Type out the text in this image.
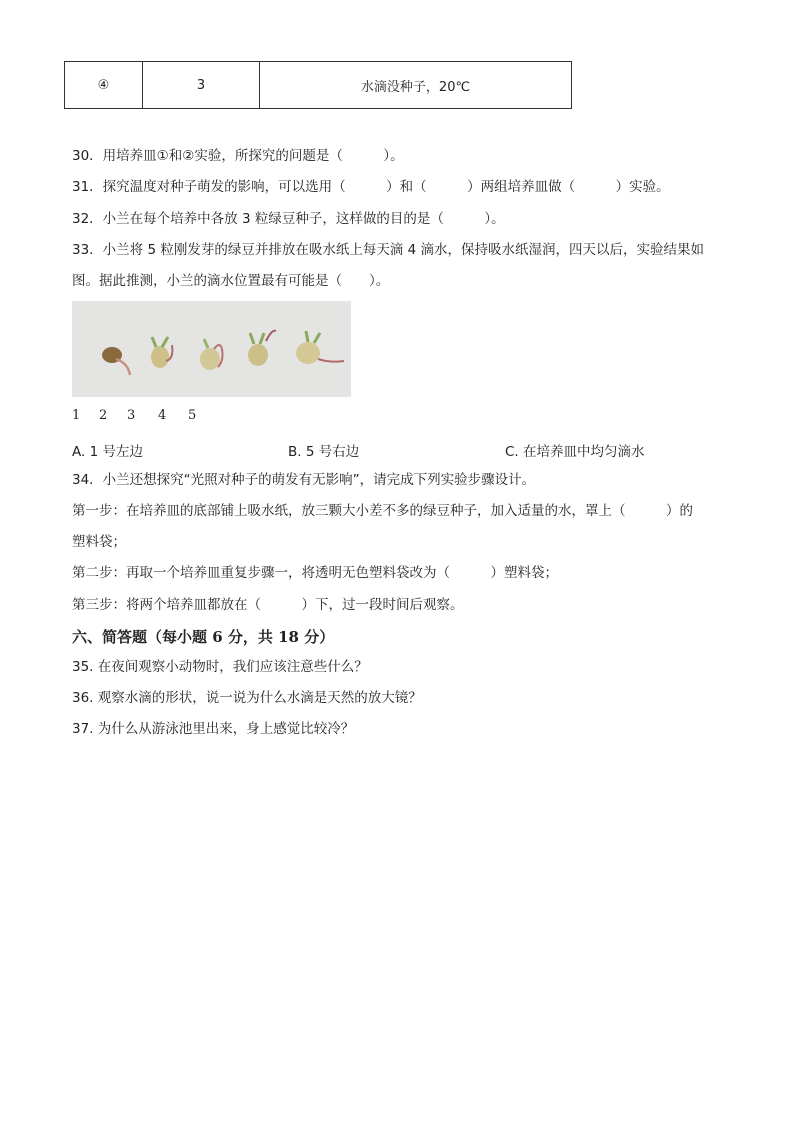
④	3	水滴没种子，20℃
30．用培养皿①和②实验，所探究的问题是（　　　）。
31．探究温度对种子萌发的影响，可以选用（　　　）和（　　　）两组培养皿做（　　　）实验。
32．小兰在每个培养中各放 3 粒绿豆种子，这样做的目的是（　　　）。
33．小兰将 5 粒刚发芽的绿豆并排放在吸水纸上每天滴 4 滴水，保持吸水纸湿润，四天以后，实验结果如
图。据此推测，小兰的滴水位置最有可能是（　　）。
1 2 3 4 5
A. 1 号左边	B. 5 号右边	C. 在培养皿中均匀滴水
34．小兰还想探究“光照对种子的萌发有无影响”，请完成下列实验步骤设计。
第一步：在培养皿的底部铺上吸水纸，放三颗大小差不多的绿豆种子，加入适量的水，罩上（　　　）的
塑料袋；
第二步：再取一个培养皿重复步骤一，将透明无色塑料袋改为（　　　）塑料袋；
第三步：将两个培养皿都放在（　　　）下，过一段时间后观察。
六、简答题（每小题 6 分，共 18 分）
35. 在夜间观察小动物时，我们应该注意些什么？
36. 观察水滴的形状，说一说为什么水滴是天然的放大镜？
37. 为什么从游泳池里出来，身上感觉比较冷？
